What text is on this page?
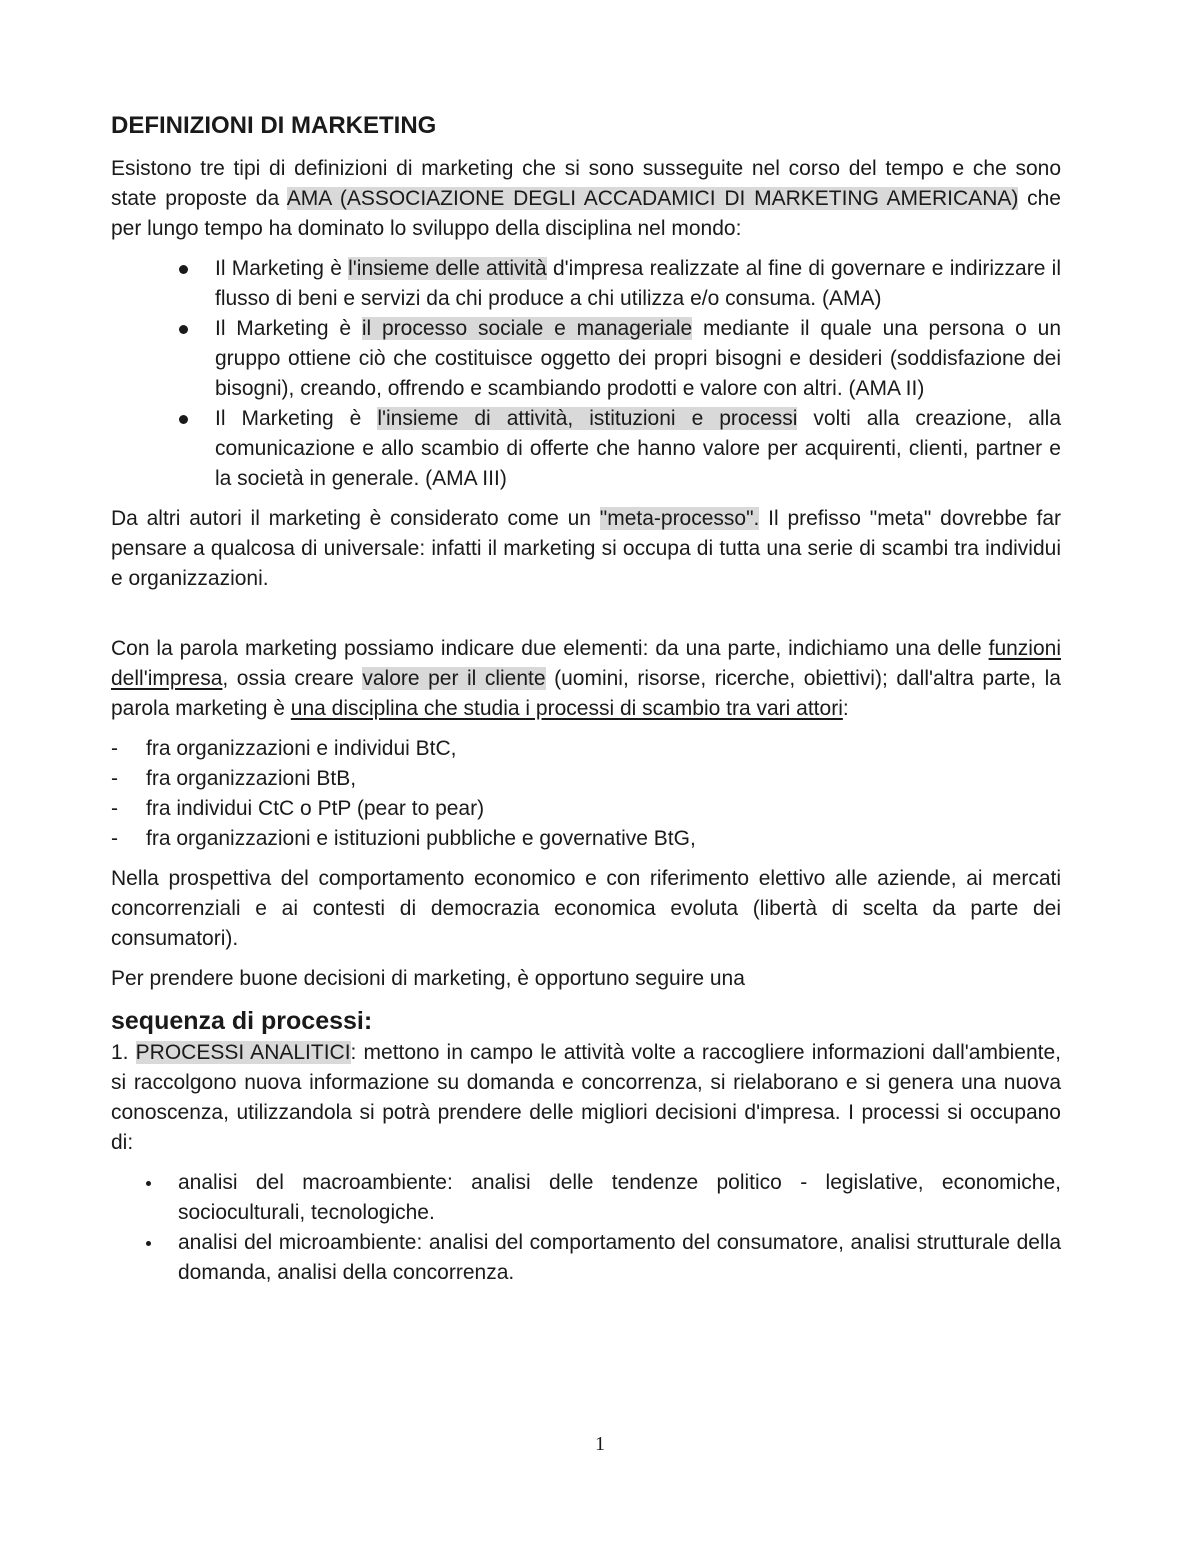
DEFINIZIONI DI MARKETING

Esistono tre tipi di definizioni di marketing che si sono susseguite nel corso del tempo e che sono state proposte da AMA (ASSOCIAZIONE DEGLI ACCADAMICI DI MARKETING AMERICANA) che per lungo tempo ha dominato lo sviluppo della disciplina nel mondo:

Il Marketing è l'insieme delle attività d'impresa realizzate al fine di governare e indirizzare il flusso di beni e servizi da chi produce a chi utilizza e/o consuma. (AMA)
Il Marketing è il processo sociale e manageriale mediante il quale una persona o un gruppo ottiene ciò che costituisce oggetto dei propri bisogni e desideri (soddisfazione dei bisogni), creando, offrendo e scambiando prodotti e valore con altri. (AMA II)
Il Marketing è l'insieme di attività, istituzioni e processi volti alla creazione, alla comunicazione e allo scambio di offerte che hanno valore per acquirenti, clienti, partner e la società in generale. (AMA III)

Da altri autori il marketing è considerato come un "meta-processo". Il prefisso "meta" dovrebbe far pensare a qualcosa di universale: infatti il marketing si occupa di tutta una serie di scambi tra individui e organizzazioni.

Con la parola marketing possiamo indicare due elementi: da una parte, indichiamo una delle funzioni dell'impresa, ossia creare valore per il cliente (uomini, risorse, ricerche, obiettivi); dall'altra parte, la parola marketing è una disciplina che studia i processi di scambio tra vari attori:

- fra organizzazioni e individui BtC,
- fra organizzazioni BtB,
- fra individui CtC o PtP (pear to pear)
- fra organizzazioni e istituzioni pubbliche e governative BtG,

Nella prospettiva del comportamento economico e con riferimento elettivo alle aziende, ai mercati concorrenziali e ai contesti di democrazia economica evoluta (libertà di scelta da parte dei consumatori).

Per prendere buone decisioni di marketing, è opportuno seguire una

sequenza di processi:

1. PROCESSI ANALITICI: mettono in campo le attività volte a raccogliere informazioni dall'ambiente, si raccolgono nuova informazione su domanda e concorrenza, si rielaborano e si genera una nuova conoscenza, utilizzandola si potrà prendere delle migliori decisioni d'impresa. I processi si occupano di:

analisi del macroambiente: analisi delle tendenze politico - legislative, economiche, socioculturali, tecnologiche.
analisi del microambiente: analisi del comportamento del consumatore, analisi strutturale della domanda, analisi della concorrenza.
1
